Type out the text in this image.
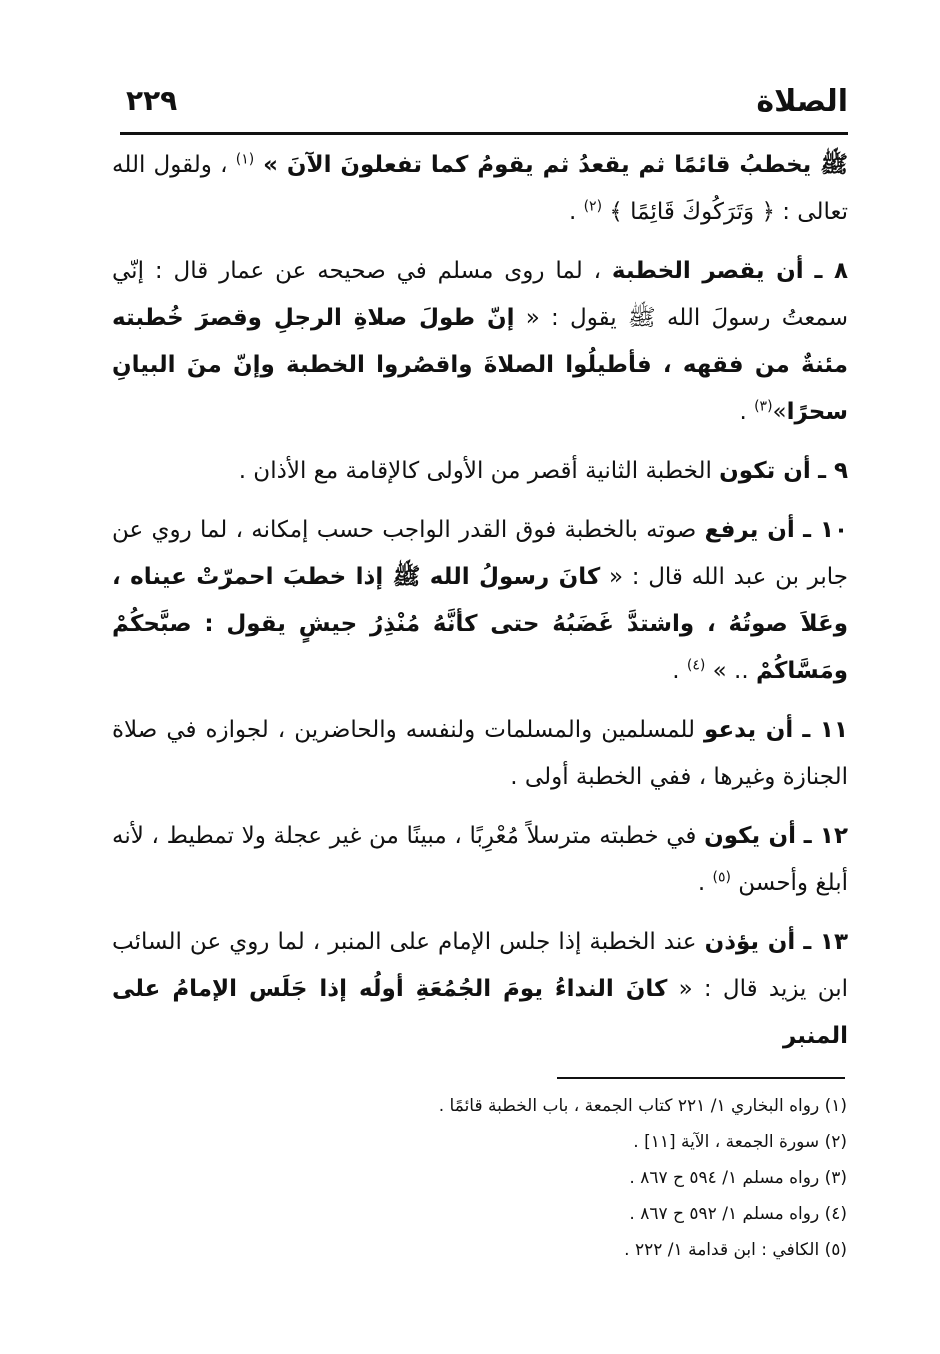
الصلاة
٢٢٩

ﷺ يخطبُ قائمًا ثم يقعدُ ثم يقومُ كما تفعلونَ الآنَ » $^{(١)}$ ، ولقول الله تعالى : ﴿ وَتَرَكُوكَ قَائِمًا ﴾ $^{(٢)}$ .

٨ ـ أن يقصر الخطبة ، لما روى مسلم في صحيحه عن عمار قال : إنّي سمعتُ رسولَ الله ﷺ يقول : « إنّ طولَ صلاةِ الرجلِ وقصرَ خُطبته مئنةٌ من فقهه ، فأطيلُوا الصلاةَ واقصُروا الخطبة وإنّ منَ البيانِ سحرًا»$^{(٣)}$ .

٩ ـ أن تكون الخطبة الثانية أقصر من الأولى كالإقامة مع الأذان .

١٠ ـ أن يرفع صوته بالخطبة فوق القدر الواجب حسب إمكانه ، لما روي عن جابر بن عبد الله قال : « كانَ رسولُ الله ﷺ إذا خطبَ احمرّتْ عيناه ، وعَلاَ صوتُهُ ، واشتدَّ غَضَبُهُ حتى كأنَّهُ مُنْذِرُ جيشٍ يقول : صبَّحكُمْ ومَسَّاكُمْ .. » $^{(٤)}$ .

١١ ـ أن يدعو للمسلمين والمسلمات ولنفسه والحاضرين ، لجوازه في صلاة الجنازة وغيرها ، ففي الخطبة أولى .

١٢ ـ أن يكون في خطبته مترسلاً مُعْرِبًا ، مبينًا من غير عجلة ولا تمطيط ، لأنه أبلغ وأحسن $^{(٥)}$ .

١٣ ـ أن يؤذن عند الخطبة إذا جلس الإمام على المنبر ، لما روي عن السائب ابن يزيد قال : « كانَ النداءُ يومَ الجُمُعَةِ أولُه إذا جَلَس الإمامُ على المنبر

(١) رواه البخاري ١/ ٢٢١ كتاب الجمعة ، باب الخطبة قائمًا .

(٢) سورة الجمعة ، الآية [١١] .

(٣) رواه مسلم ١/ ٥٩٤ ح ٨٦٧ .

(٤) رواه مسلم ١/ ٥٩٢ ح ٨٦٧ .

(٥) الكافي : ابن قدامة ١/ ٢٢٢ .
